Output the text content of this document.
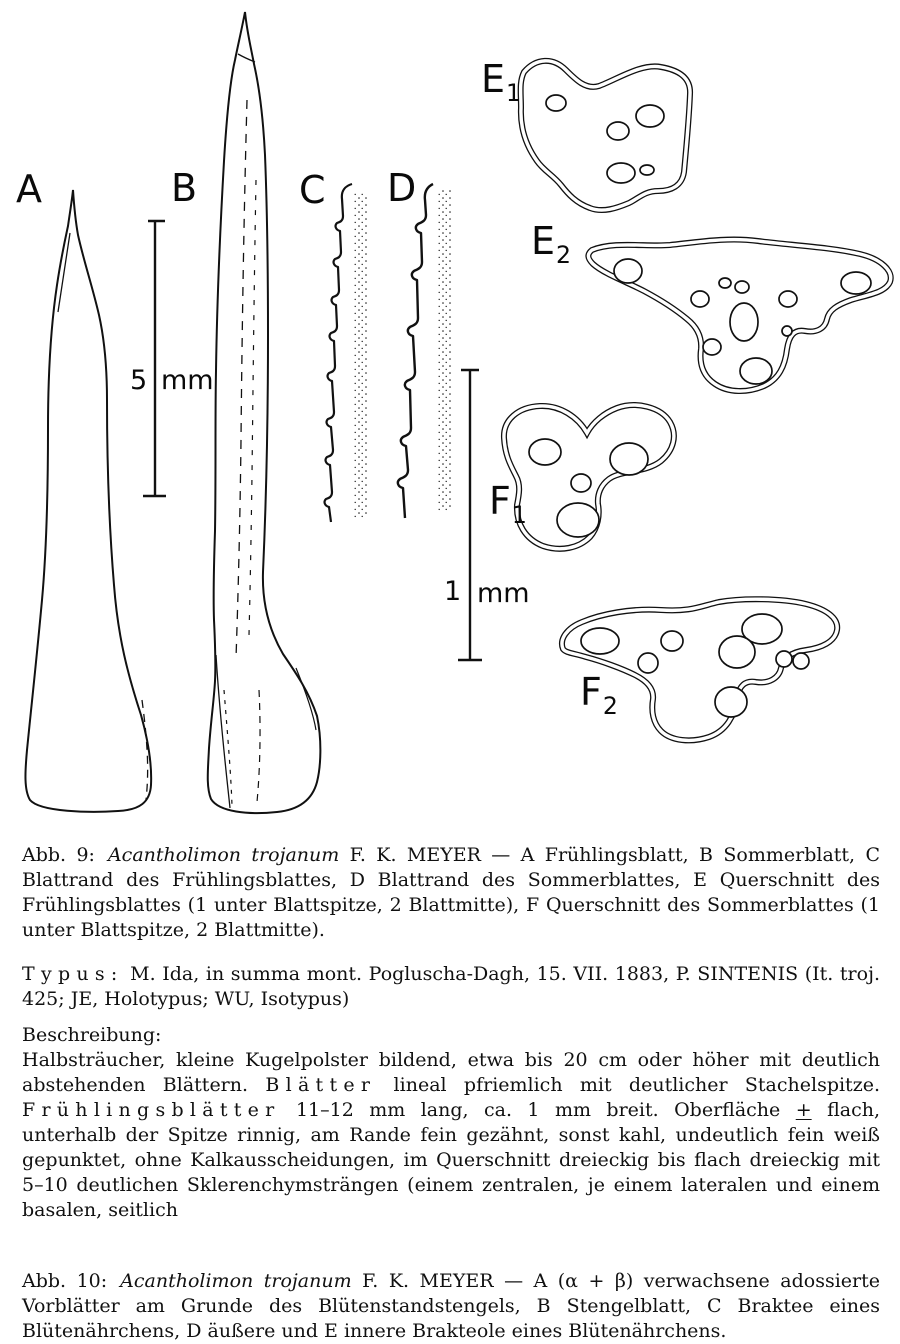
A	B	C D
$E_1$
$E_2$
$F_1$
$F_2$
5 mm
1 mm

Abb. 9: Acantholimon trojanum F. K. MEYER — A Frühlingsblatt, B Sommerblatt, C Blattrand des Frühlingsblattes, D Blattrand des Sommerblattes, E Querschnitt des Frühlingsblattes (1 unter Blattspitze, 2 Blattmitte), F Querschnitt des Sommerblattes (1 unter Blattspitze, 2 Blattmitte).

Typus: M. Ida, in summa mont. Pogluscha-Dagh, 15. VII. 1883, P. SINTENIS (It. troj. 425; JE, Holotypus; WU, Isotypus)

Beschreibung:

Halbsträucher, kleine Kugelpolster bildend, etwa bis 20 cm oder höher mit deutlich abstehenden Blättern. Blätter lineal pfriemlich mit deutlicher Stachelspitze. Frühlingsblätter 11–12 mm lang, ca. 1 mm breit. Oberfläche + flach, unterhalb der Spitze rinnig, am Rande fein gezähnt, sonst kahl, undeutlich fein weiß gepunktet, ohne Kalkausscheidungen, im Querschnitt dreieckig bis flach dreieckig mit 5–10 deutlichen Sklerenchymsträngen (einem zentralen, je einem lateralen und einem basalen, seitlich

Abb. 10: Acantholimon trojanum F. K. MEYER — A (α + β) verwachsene adossierte Vorblätter am Grunde des Blütenstandstengels, B Stengelblatt, C Braktee eines Blütenährchens, D äußere und E innere Brakteole eines Blütenährchens.
